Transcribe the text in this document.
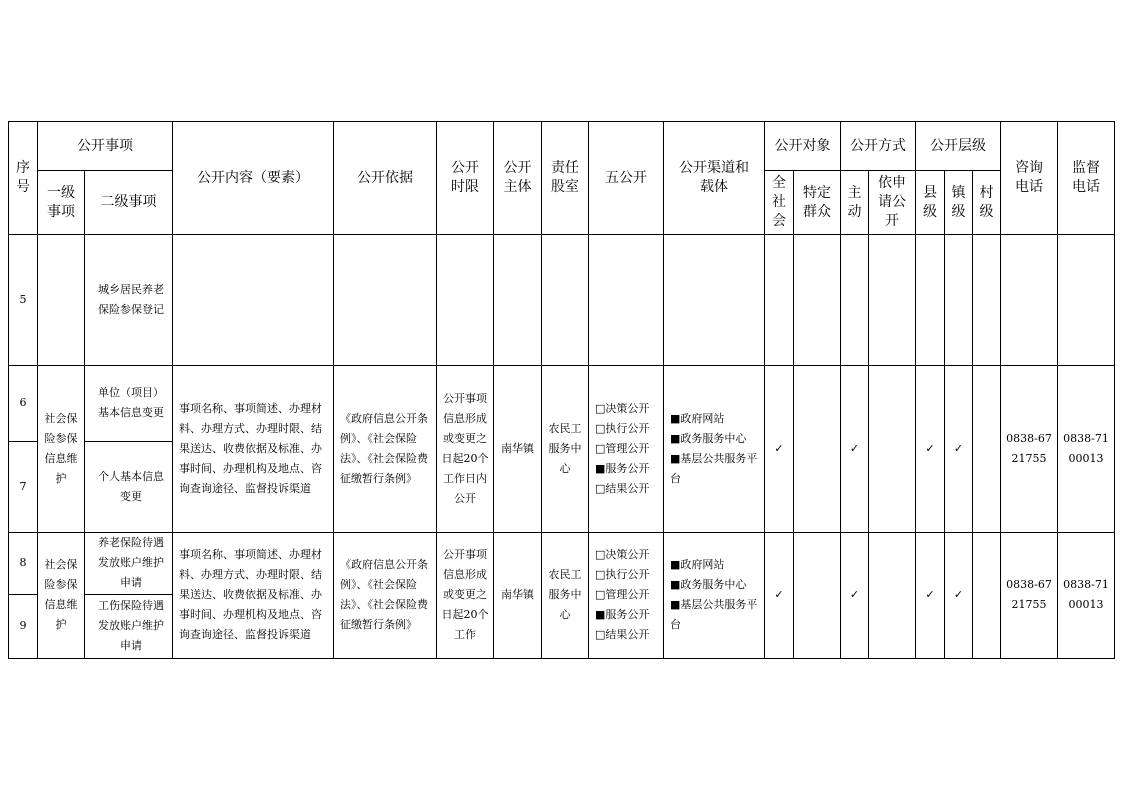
序号	公开事项		公开内容（要素）	公开依据	公开时限	公开主体	责任股室	五公开	公开渠道和载体	公开对象		公开方式		公开层级			咨询电话	监督电话
	一级事项	二级事项								全社会	特定群众	主动	依申请公开	县级	镇级	村级		
5		城乡居民养老保险参保登记																
6	社会保险参保信息维护	单位（项目）基本信息变更	事项名称、事项简述、办理材料、办理方式、办理时限、结果送达、收费依据及标准、办事时间、办理机构及地点、咨询查询途径、监督投诉渠道	《政府信息公开条例》、《社会保险法》、《社会保险费征缴暂行条例》	公开事项信息形成或变更之日起20个工作日内公开	南华镇	农民工服务中心	□决策公开
□执行公开
□管理公开
■服务公开
□结果公开	■政府网站
■政务服务中心
■基层公共服务平台	✓		✓		✓	✓		0838-6721755	0838-7100013
7		个人基本信息变更																
8	社会保险参保信息维护	养老保险待遇发放账户维护申请	事项名称、事项简述、办理材料、办理方式、办理时限、结果送达、收费依据及标准、办事时间、办理机构及地点、咨询查询途径、监督投诉渠道	《政府信息公开条例》、《社会保险法》、《社会保险费征缴暂行条例》	公开事项信息形成或变更之日起20个工作	南华镇	农民工服务中心	□决策公开
□执行公开
□管理公开
■服务公开
□结果公开	■政府网站
■政务服务中心
■基层公共服务平台	✓		✓		✓	✓		0838-6721755	0838-7100013
9		工伤保险待遇发放账户维护申请																
